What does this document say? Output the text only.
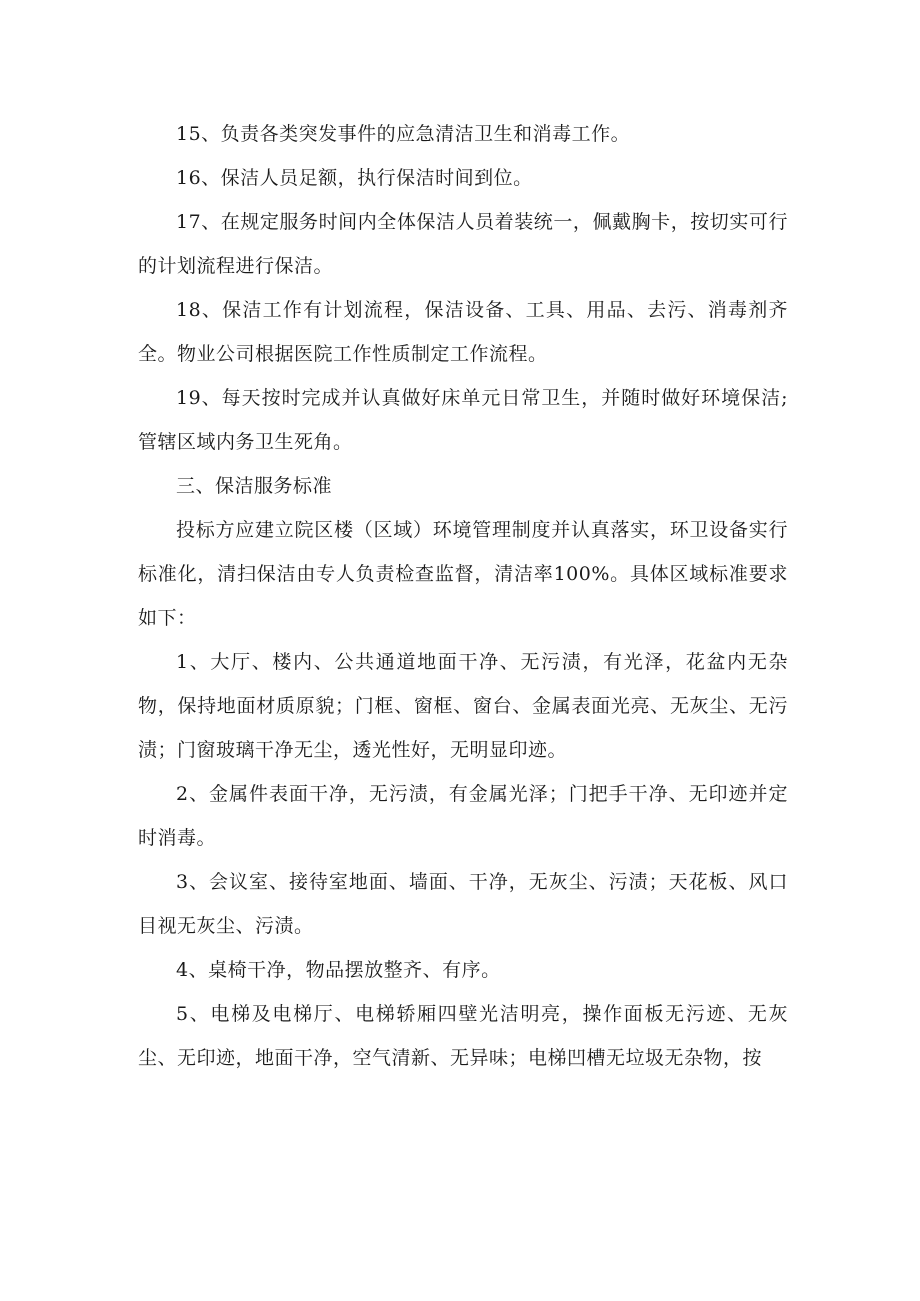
15、负责各类突发事件的应急清洁卫生和消毒工作。

16、保洁人员足额，执行保洁时间到位。

17、在规定服务时间内全体保洁人员着装统一，佩戴胸卡，按切实可行的计划流程进行保洁。

18、保洁工作有计划流程，保洁设备、工具、用品、去污、消毒剂齐全。物业公司根据医院工作性质制定工作流程。

19、每天按时完成并认真做好床单元日常卫生，并随时做好环境保洁;管辖区域内务卫生死角。

三、保洁服务标准

投标方应建立院区楼（区域）环境管理制度并认真落实，环卫设备实行标准化，清扫保洁由专人负责检查监督，清洁率100%。具体区域标准要求如下：

1、大厅、楼内、公共通道地面干净、无污渍，有光泽，花盆内无杂物，保持地面材质原貌；门框、窗框、窗台、金属表面光亮、无灰尘、无污渍；门窗玻璃干净无尘，透光性好，无明显印迹。

2、金属件表面干净，无污渍，有金属光泽；门把手干净、无印迹并定时消毒。

3、会议室、接待室地面、墙面、干净，无灰尘、污渍；天花板、风口目视无灰尘、污渍。

4、桌椅干净，物品摆放整齐、有序。

5、电梯及电梯厅、电梯轿厢四壁光洁明亮，操作面板无污迹、无灰尘、无印迹，地面干净，空气清新、无异味；电梯凹槽无垃圾无杂物，按
